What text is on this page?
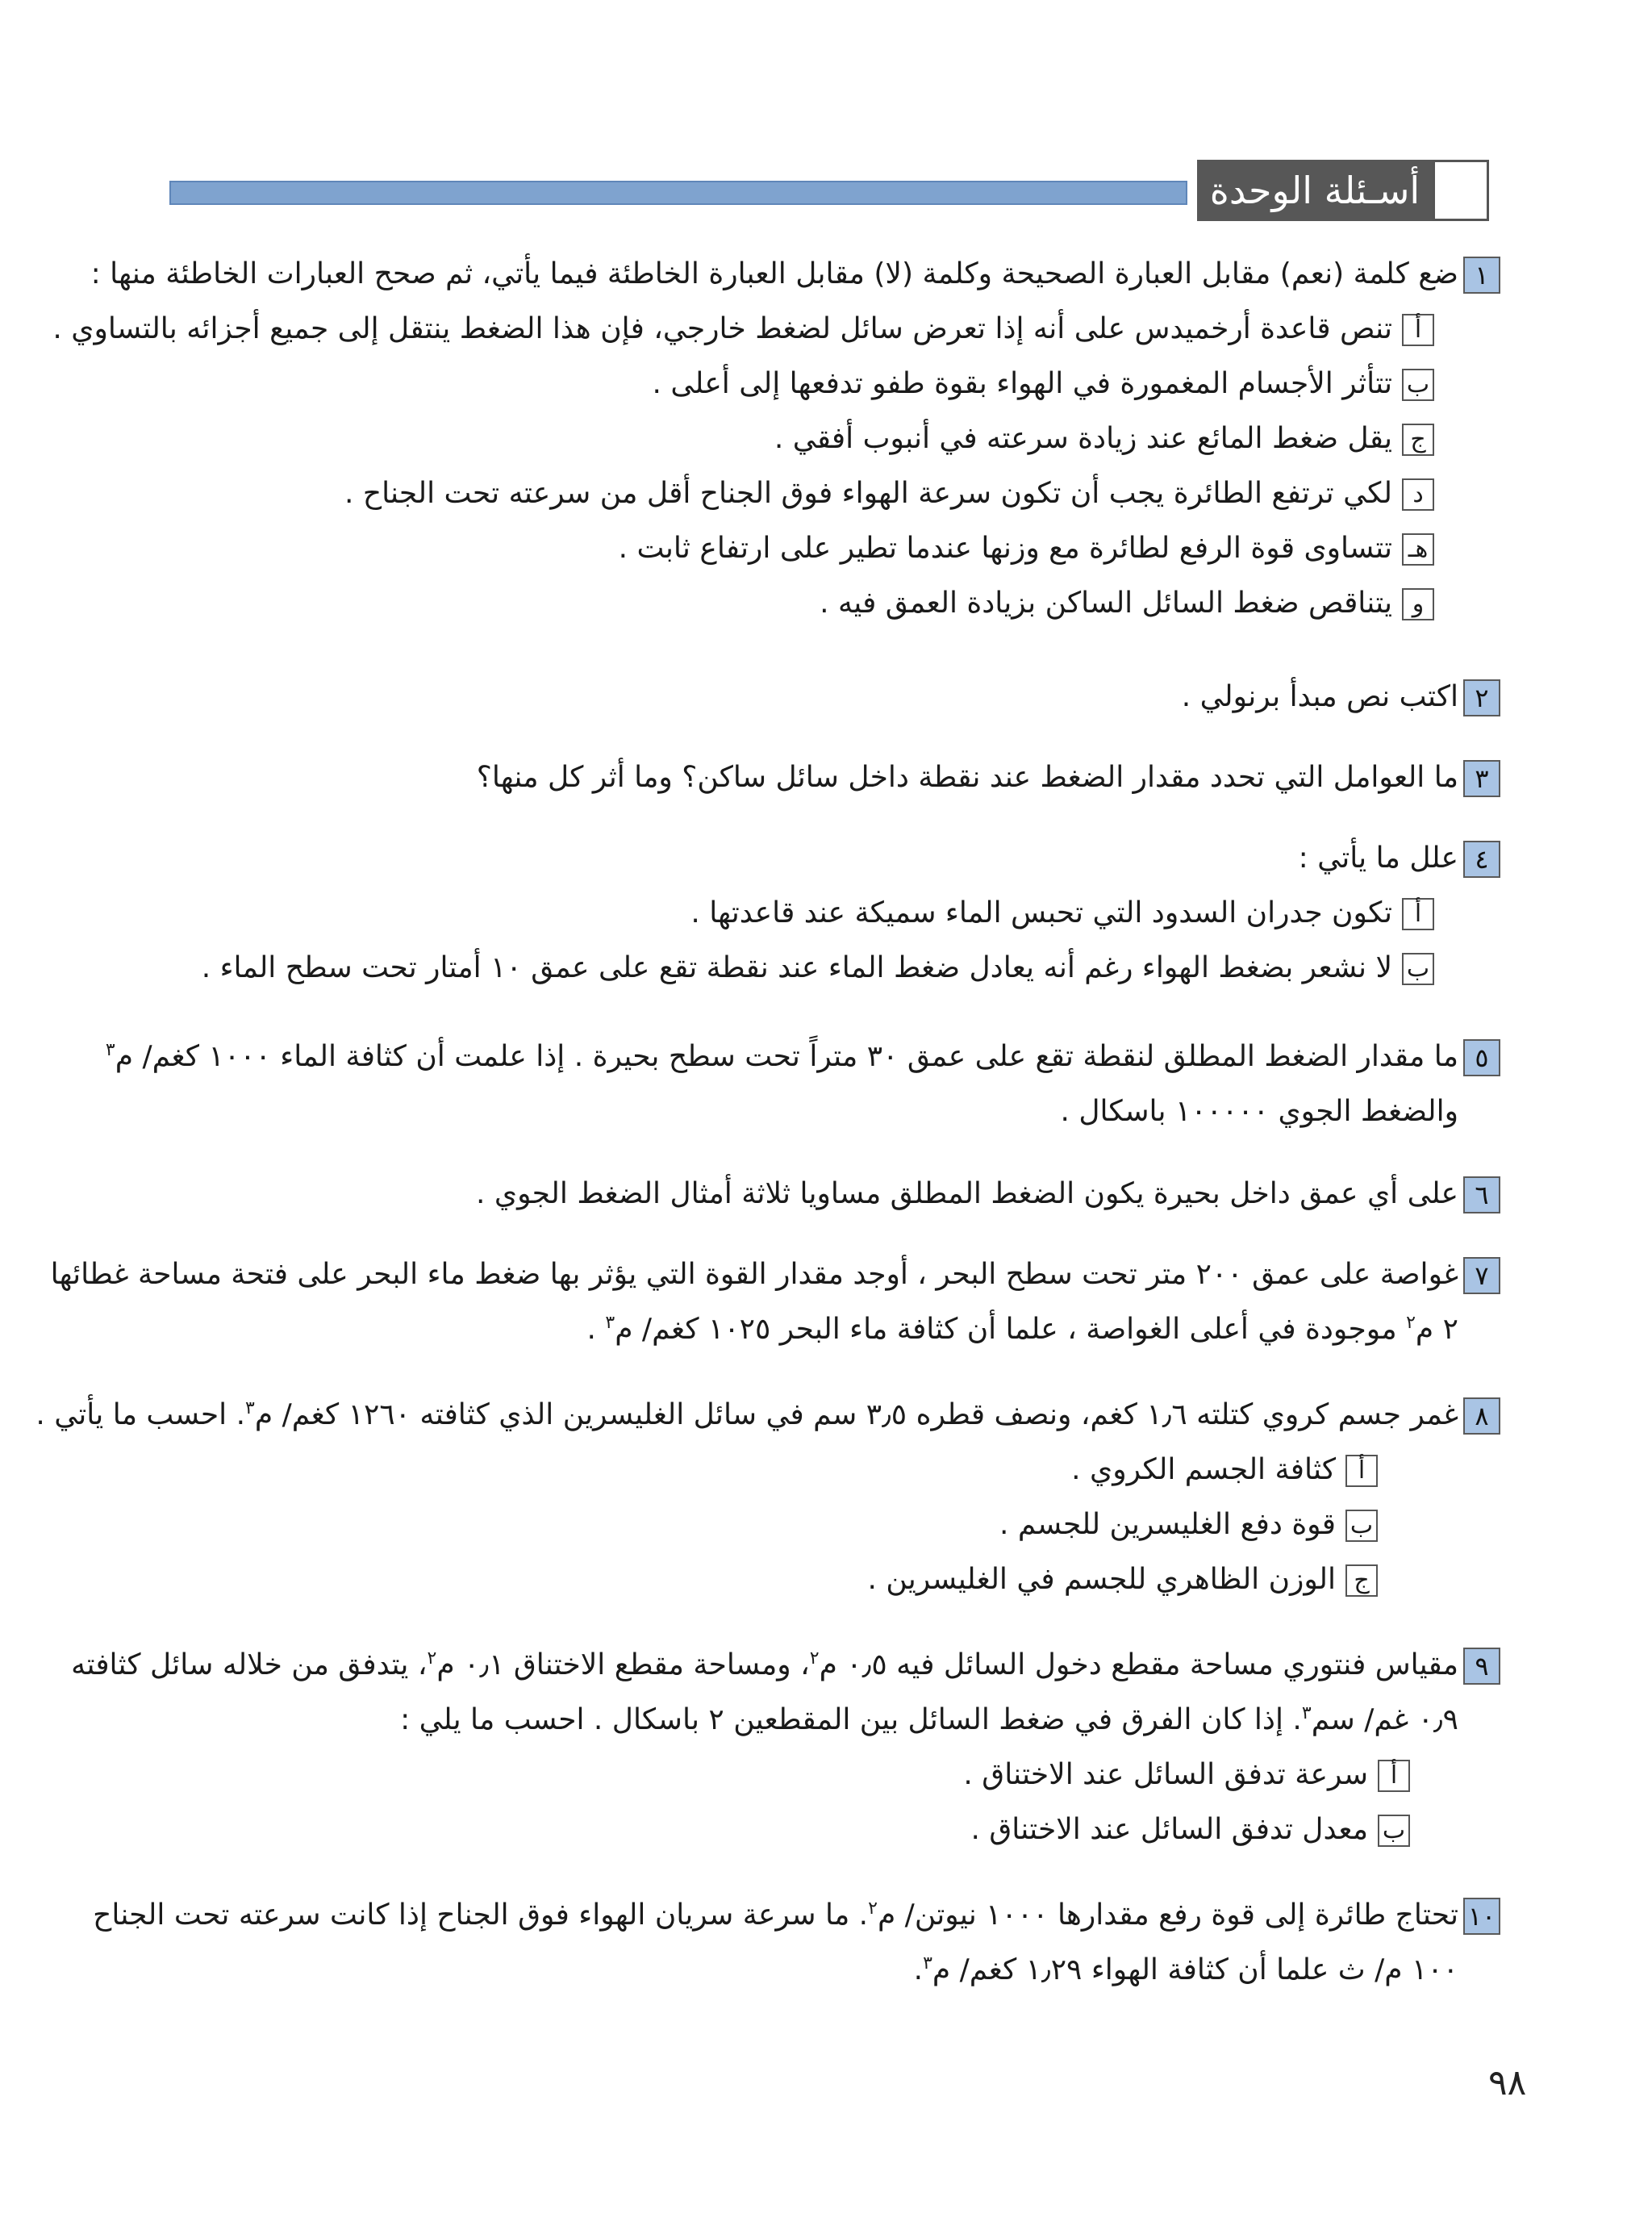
أسـئلة الوحدة
١
ضع كلمة (نعم) مقابل العبارة الصحيحة وكلمة (لا) مقابل العبارة الخاطئة فيما يأتي، ثم صحح العبارات الخاطئة منها :
أتنص قاعدة أرخميدس على أنه إذا تعرض سائل لضغط خارجي، فإن هذا الضغط ينتقل إلى جميع أجزائه بالتساوي .
بتتأثر الأجسام المغمورة في الهواء بقوة طفو تدفعها إلى أعلى .
جيقل ضغط المائع عند زيادة سرعته في أنبوب أفقي .
دلكي ترتفع الطائرة يجب أن تكون سرعة الهواء فوق الجناح أقل من سرعته تحت الجناح .
هـتتساوى قوة الرفع لطائرة مع وزنها عندما تطير على ارتفاع ثابت .
ويتناقص ضغط السائل الساكن بزيادة العمق فيه .
٢
اكتب نص مبدأ برنولي .
٣
ما العوامل التي تحدد مقدار الضغط عند نقطة داخل سائل ساكن؟ وما أثر كل منها؟
٤
علل ما يأتي :
أتكون جدران السدود التي تحبس الماء سميكة عند قاعدتها .
بلا نشعر بضغط الهواء رغم أنه يعادل ضغط الماء عند نقطة تقع على عمق ١٠ أمتار تحت سطح الماء .
٥
ما مقدار الضغط المطلق لنقطة تقع على عمق ٣٠ متراً تحت سطح بحيرة . إذا علمت أن كثافة الماء ١٠٠٠ كغم/ م$^٣$
والضغط الجوي ١٠٠٠٠٠ باسكال .
٦
على أي عمق داخل بحيرة يكون الضغط المطلق مساويا ثلاثة أمثال الضغط الجوي .
٧
غواصة على عمق ٢٠٠ متر تحت سطح البحر ، أوجد مقدار القوة التي يؤثر بها ضغط ماء البحر على فتحة مساحة غطائها
٢ م$^٢$ موجودة في أعلى الغواصة ، علما أن كثافة ماء البحر ١٠٢٥ كغم/ م$^٣$ .
٨
غمر جسم كروي كتلته ١٫٦ كغم، ونصف قطره ٣٫٥ سم في سائل الغليسرين الذي كثافته ١٢٦٠ كغم/ م$^٣$. احسب ما يأتي .
أكثافة الجسم الكروي .
بقوة دفع الغليسرين للجسم .
جالوزن الظاهري للجسم في الغليسرين .
٩
مقياس فنتوري مساحة مقطع دخول السائل فيه ٠٫٥ م$^٢$، ومساحة مقطع الاختناق ٠٫١ م$^٢$، يتدفق من خلاله سائل كثافته
٠٫٩ غم/ سم$^٣$. إذا كان الفرق في ضغط السائل بين المقطعين ٢ باسكال . احسب ما يلي :
أسرعة تدفق السائل عند الاختناق .
بمعدل تدفق السائل عند الاختناق .
١٠
تحتاج طائرة إلى قوة رفع مقدارها ١٠٠٠ نيوتن/ م$^٢$. ما سرعة سريان الهواء فوق الجناح إذا كانت سرعته تحت الجناح
١٠٠ م/ ث علما أن كثافة الهواء ١٫٢٩ كغم/ م$^٣$.
٩٨
